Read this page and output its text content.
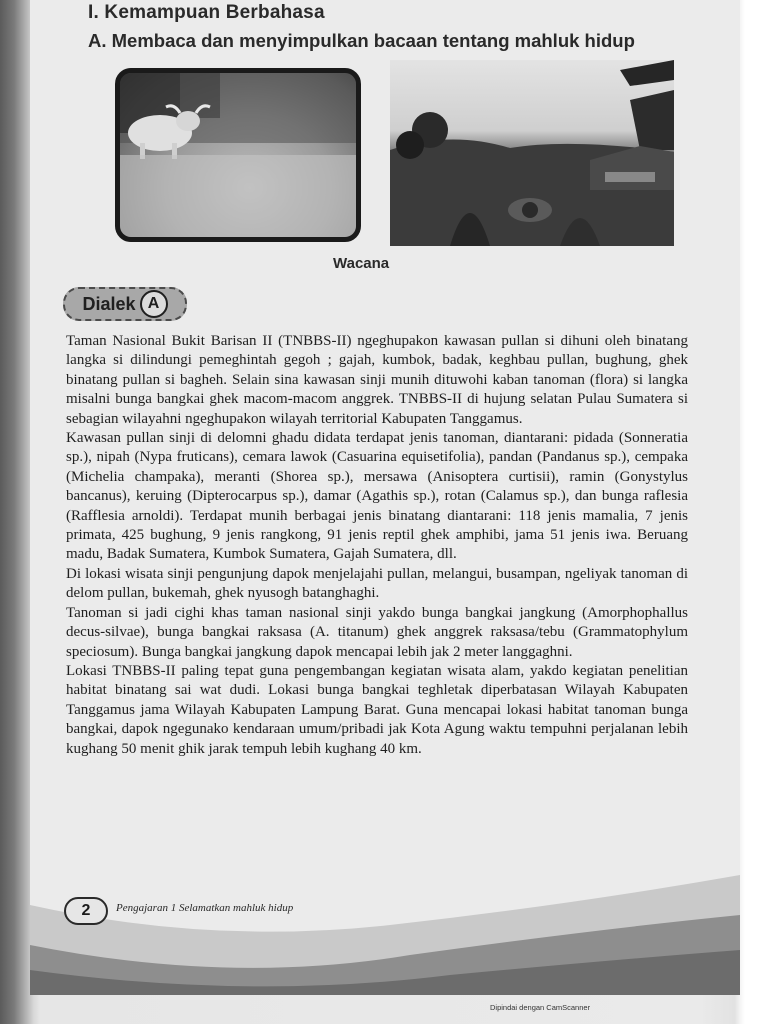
I. Kemampuan Berbahasa
A. Membaca dan menyimpulkan bacaan tentang mahluk hidup
Wacana
Dialek A

Taman Nasional Bukit Barisan II (TNBBS-II) ngeghupakon kawasan pullan si dihuni oleh binatang langka si dilindungi pemeghintah gegoh ; gajah, kumbok, badak, keghbau pullan, bughung, ghek binatang pullan si bagheh. Selain sina kawasan sinji munih dituwohi kaban tanoman (flora) si langka misalni bunga bangkai ghek macom-macom anggrek. TNBBS-II di hujung selatan Pulau Sumatera si sebagian wilayahni ngeghupakon wilayah territorial Kabupaten Tanggamus.

Kawasan pullan sinji di delomni ghadu didata terdapat jenis tanoman, diantarani: pidada (Sonneratia sp.), nipah (Nypa fruticans), cemara lawok (Casuarina equisetifolia), pandan (Pandanus sp.), cempaka (Michelia champaka), meranti (Shorea sp.), mersawa (Anisoptera curtisii), ramin (Gonystylus bancanus), keruing (Dipterocarpus sp.), damar (Agathis sp.), rotan (Calamus sp.), dan bunga raflesia (Rafflesia arnoldi). Terdapat munih berbagai jenis binatang diantarani: 118 jenis mamalia, 7 jenis primata, 425 bughung, 9 jenis rangkong, 91 jenis reptil ghek amphibi, jama 51 jenis iwa. Beruang madu, Badak Sumatera, Kumbok Sumatera, Gajah Sumatera, dll.

Di lokasi wisata sinji pengunjung dapok menjelajahi pullan, melangui, busampan, ngeliyak tanoman di delom pullan, bukemah, ghek nyusogh batanghaghi.

Tanoman si jadi cighi khas taman nasional sinji yakdo bunga bangkai jangkung (Amorphophallus decus-silvae), bunga bangkai raksasa (A. titanum) ghek anggrek raksasa/tebu (Grammatophylum speciosum). Bunga bangkai jangkung dapok mencapai lebih jak 2 meter langgaghni.

Lokasi TNBBS-II paling tepat guna pengembangan kegiatan wisata alam, yakdo kegiatan penelitian habitat binatang sai wat dudi. Lokasi bunga bangkai teghletak diperbatasan Wilayah Kabupaten Tanggamus jama Wilayah Kabupaten Lampung Barat. Guna mencapai lokasi habitat tanoman bunga bangkai, dapok ngegunako kendaraan umum/pribadi jak Kota Agung waktu tempuhni perjalanan lebih kughang 50 menit ghik jarak tempuh lebih kughang 40 km.

2	Pengajaran 1 Selamatkan mahluk hidup
Dipindai dengan CamScanner
